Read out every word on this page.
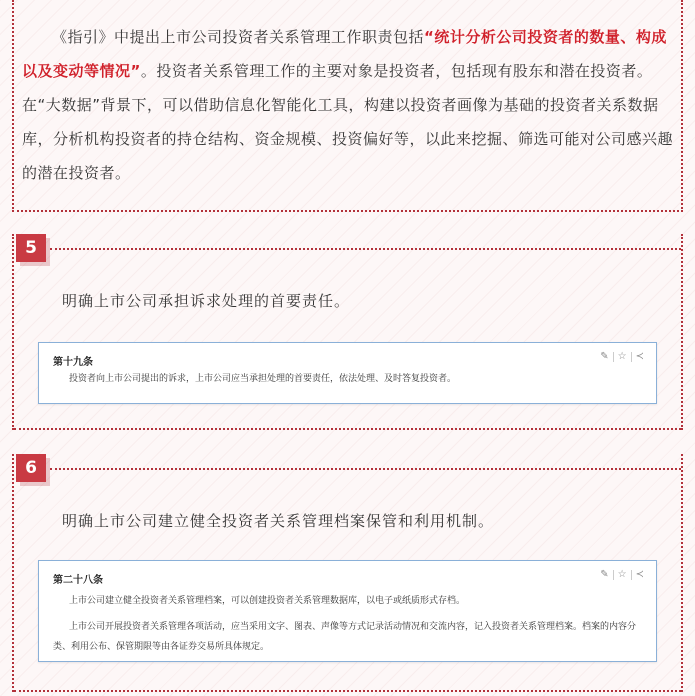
《指引》中提出上市公司投资者关系管理工作职责包括“统计分析公司投资者的数量、构成以及变动等情况”。投资者关系管理工作的主要对象是投资者，包括现有股东和潜在投资者。在“大数据”背景下，可以借助信息化智能化工具，构建以投资者画像为基础的投资者关系数据库，分析机构投资者的持仓结构、资金规模、投资偏好等，以此来挖掘、筛选可能对公司感兴趣的潜在投资者。

5
明确上市公司承担诉求处理的首要责任。
第十九条
✎ ☆ ≺
投资者向上市公司提出的诉求，上市公司应当承担处理的首要责任，依法处理、及时答复投资者。
6
明确上市公司建立健全投资者关系管理档案保管和利用机制。
第二十八条
✎ ☆ ≺
上市公司建立健全投资者关系管理档案，可以创建投资者关系管理数据库，以电子或纸质形式存档。
上市公司开展投资者关系管理各项活动，应当采用文字、图表、声像等方式记录活动情况和交流内容，记入投资者关系管理档案。档案的内容分类、利用公布、保管期限等由各证券交易所具体规定。
